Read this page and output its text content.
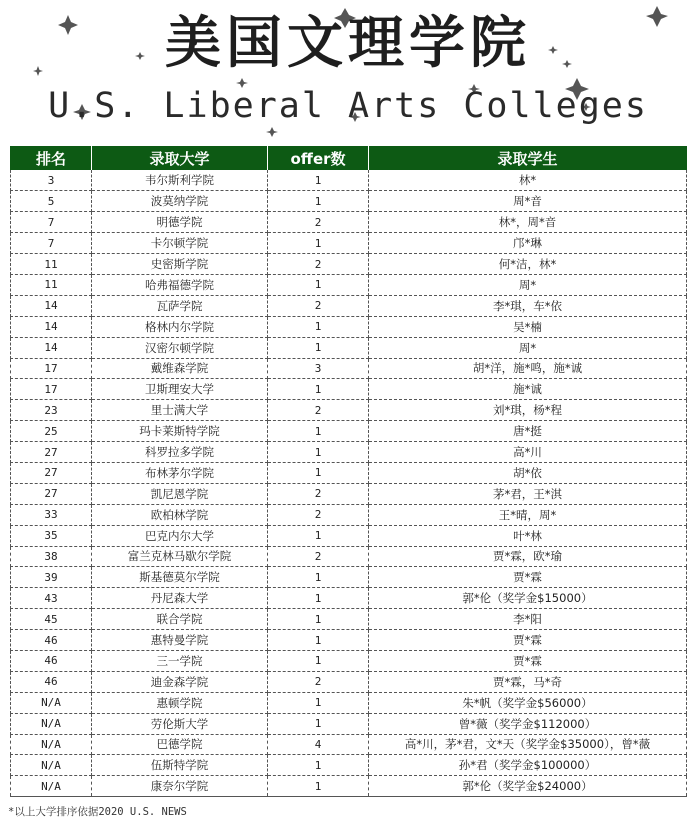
美国文理学院
U.S. Liberal Arts Colleges
排名	录取大学	offer数	录取学生
3	韦尔斯利学院	1	林*
5	波莫纳学院	1	周*音
7	明德学院	2	林*，周*音
7	卡尔顿学院	1	邝*琳
11	史密斯学院	2	何*洁，林*
11	哈弗福德学院	1	周*
14	瓦萨学院	2	李*琪，车*依
14	格林内尔学院	1	吴*楠
14	汉密尔顿学院	1	周*
17	戴维森学院	3	胡*洋，施*鸣，施*诚
17	卫斯理安大学	1	施*诚
23	里士满大学	2	刘*琪，杨*程
25	玛卡莱斯特学院	1	唐*挺
27	科罗拉多学院	1	高*川
27	布林茅尔学院	1	胡*依
27	凯尼恩学院	2	茅*君，王*淇
33	欧柏林学院	2	王*晴，周*
35	巴克内尔大学	1	叶*林
38	富兰克林马歇尔学院	2	贾*霖，欧*瑜
39	斯基德莫尔学院	1	贾*霖
43	丹尼森大学	1	郭*伦（奖学金$15000）
45	联合学院	1	李*阳
46	惠特曼学院	1	贾*霖
46	三一学院	1	贾*霖
46	迪金森学院	2	贾*霖，马*奇
N/A	惠顿学院	1	朱*帆（奖学金$56000）
N/A	劳伦斯大学	1	曾*薇（奖学金$112000）
N/A	巴德学院	4	高*川，茅*君，文*天（奖学金$35000），曾*薇
N/A	伍斯特学院	1	孙*君（奖学金$100000）
N/A	康奈尔学院	1	郭*伦（奖学金$24000）
*以上大学排序依据2020 U.S. NEWS
